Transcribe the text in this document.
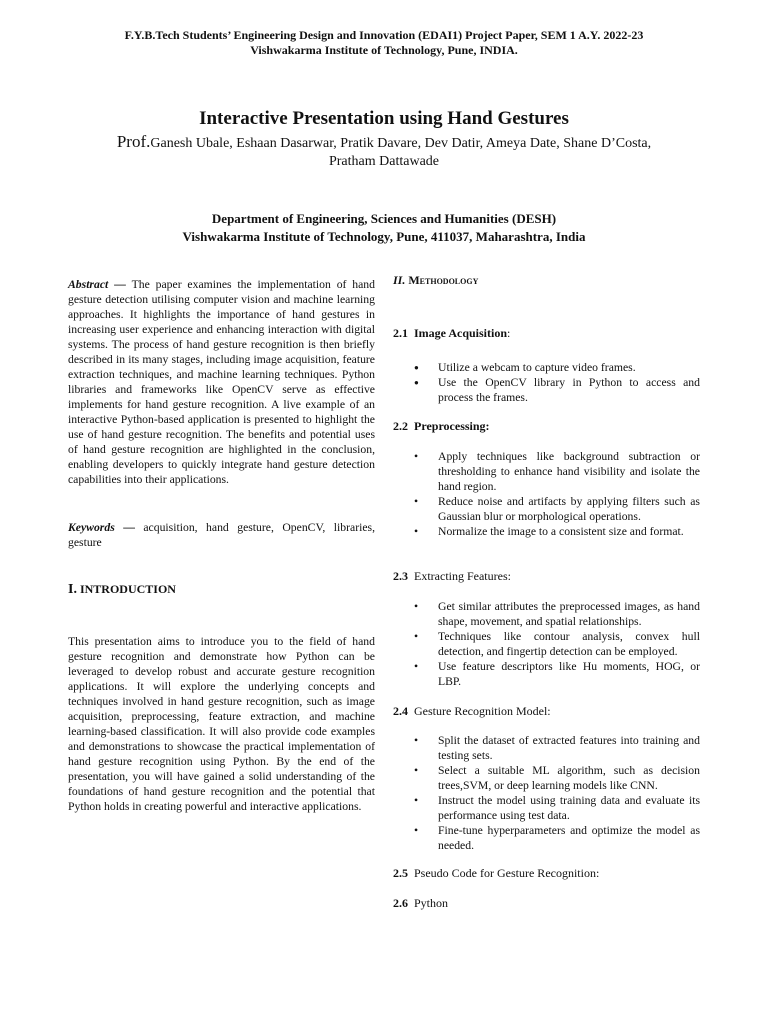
F.Y.B.Tech Students’ Engineering Design and Innovation (EDAI1) Project Paper, SEM 1 A.Y. 2022-23
Vishwakarma Institute of Technology, Pune, INDIA.
Interactive Presentation using Hand Gestures
Prof.Ganesh Ubale, Eshaan Dasarwar, Pratik Davare, Dev Datir, Ameya Date, Shane D’Costa,
Pratham Dattawade
Department of Engineering, Sciences and Humanities (DESH)
Vishwakarma Institute of Technology, Pune, 411037, Maharashtra, India
Abstract — The paper examines the implementation of hand gesture detection utilising computer vision and machine learning approaches. It highlights the importance of hand gestures in increasing user experience and enhancing interaction with digital systems. The process of hand gesture recognition is then briefly described in its many stages, including image acquisition, feature extraction techniques, and machine learning techniques. Python libraries and frameworks like OpenCV serve as effective implements for hand gesture recognition. A live example of an interactive Python-based application is presented to highlight the use of hand gesture recognition. The benefits and potential uses of hand gesture recognition are highlighted in the conclusion, enabling developers to quickly integrate hand gesture detection capabilities into their applications.
Keywords — acquisition, hand gesture, OpenCV, libraries, gesture
I. INTRODUCTION
This presentation aims to introduce you to the field of hand gesture recognition and demonstrate how Python can be leveraged to develop robust and accurate gesture recognition applications. It will explore the underlying concepts and techniques involved in hand gesture recognition, such as image acquisition, preprocessing, feature extraction, and machine learning-based classification. It will also provide code examples and demonstrations to showcase the practical implementation of hand gesture recognition using Python. By the end of the presentation, you will have gained a solid understanding of the foundations of hand gesture recognition and the potential that Python holds in creating powerful and interactive applications.
II. Methodology
2.1 Image Acquisition:
● Utilize a webcam to capture video frames.
● Use the OpenCV library in Python to access and process the frames.
2.2 Preprocessing:
• Apply techniques like background subtraction or thresholding to enhance hand visibility and isolate the hand region.
• Reduce noise and artifacts by applying filters such as Gaussian blur or morphological operations.
• Normalize the image to a consistent size and format.
2.3 Extracting Features:
• Get similar attributes the preprocessed images, as hand shape, movement, and spatial relationships.
• Techniques like contour analysis, convex hull detection, and fingertip detection can be employed.
• Use feature descriptors like Hu moments, HOG, or LBP.
2.4 Gesture Recognition Model:
• Split the dataset of extracted features into training and testing sets.
• Select a suitable ML algorithm, such as decision trees,SVM, or deep learning models like CNN.
• Instruct the model using training data and evaluate its performance using test data.
• Fine-tune hyperparameters and optimize the model as needed.
2.5 Pseudo Code for Gesture Recognition:
2.6 Python
